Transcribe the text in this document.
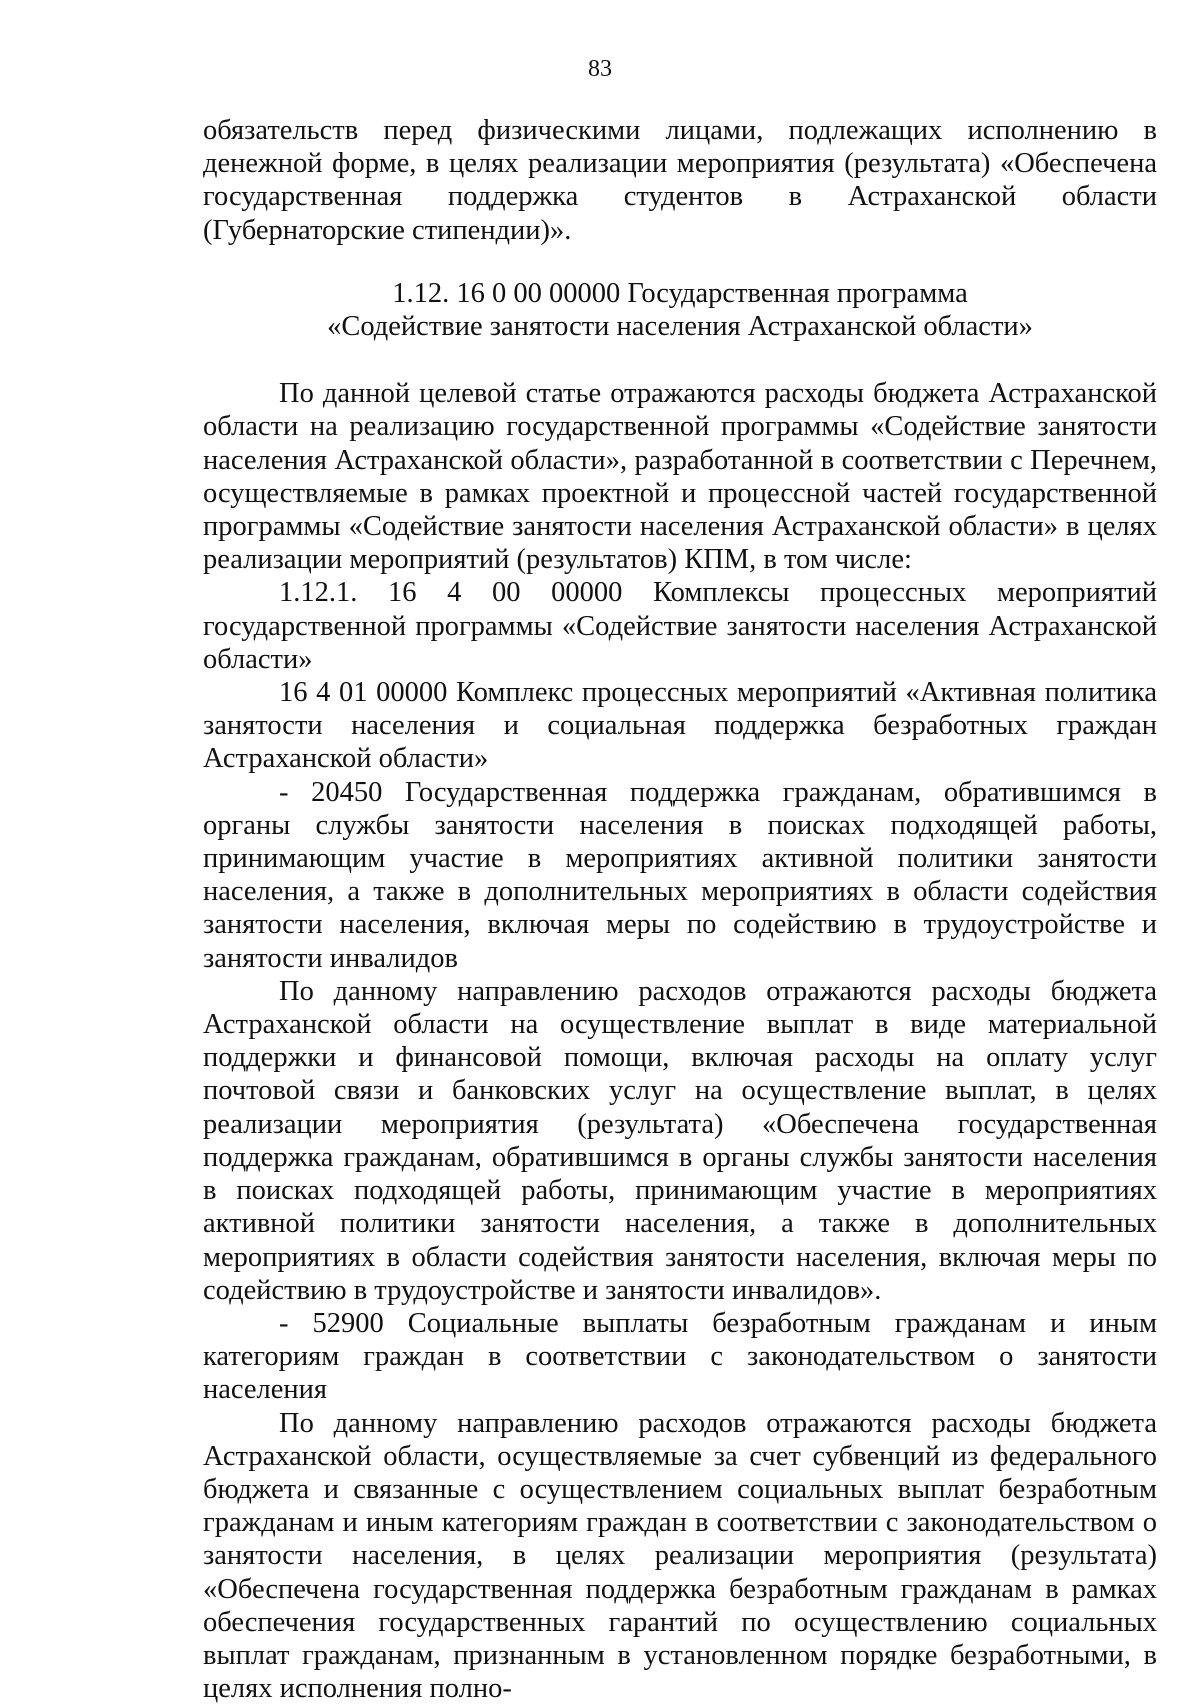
83

обязательств перед физическими лицами, подлежащих исполнению в денежной форме, в целях реализации мероприятия (результата) «Обеспечена государственная поддержка студентов в Астраханской области (Губернаторские стипендии)».

1.12. 16 0 00 00000 Государственная программа
«Содействие занятости населения Астраханской области»

По данной целевой статье отражаются расходы бюджета Астраханской области на реализацию государственной программы «Содействие занятости населения Астраханской области», разработанной в соответствии с Перечнем, осуществляемые в рамках проектной и процессной частей государственной программы «Содействие занятости населения Астраханской области» в целях реализации мероприятий (результатов) КПМ, в том числе:

1.12.1. 16 4 00 00000 Комплексы процессных мероприятий государственной программы «Содействие занятости населения Астраханской области»

16 4 01 00000 Комплекс процессных мероприятий «Активная политика занятости населения и социальная поддержка безработных граждан Астраханской области»

- 20450 Государственная поддержка гражданам, обратившимся в органы службы занятости населения в поисках подходящей работы, принимающим участие в мероприятиях активной политики занятости населения, а также в дополнительных мероприятиях в области содействия занятости населения, включая меры по содействию в трудоустройстве и занятости инвалидов

По данному направлению расходов отражаются расходы бюджета Астраханской области на осуществление выплат в виде материальной поддержки и финансовой помощи, включая расходы на оплату услуг почтовой связи и банковских услуг на осуществление выплат, в целях реализации мероприятия (результата) «Обеспечена государственная поддержка гражданам, обратившимся в органы службы занятости населения в поисках подходящей работы, принимающим участие в мероприятиях активной политики занятости населения, а также в дополнительных мероприятиях в области содействия занятости населения, включая меры по содействию в трудоустройстве и занятости инвалидов».

- 52900 Социальные выплаты безработным гражданам и иным категориям граждан в соответствии с законодательством о занятости населения

По данному направлению расходов отражаются расходы бюджета Астраханской области, осуществляемые за счет субвенций из федерального бюджета и связанные с осуществлением социальных выплат безработным гражданам и иным категориям граждан в соответствии с законодательством о занятости населения, в целях реализации мероприятия (результата) «Обеспечена государственная поддержка безработным гражданам в рамках обеспечения государственных гарантий по осуществлению социальных выплат гражданам, признанным в установленном порядке безработными, в целях исполнения полно-
